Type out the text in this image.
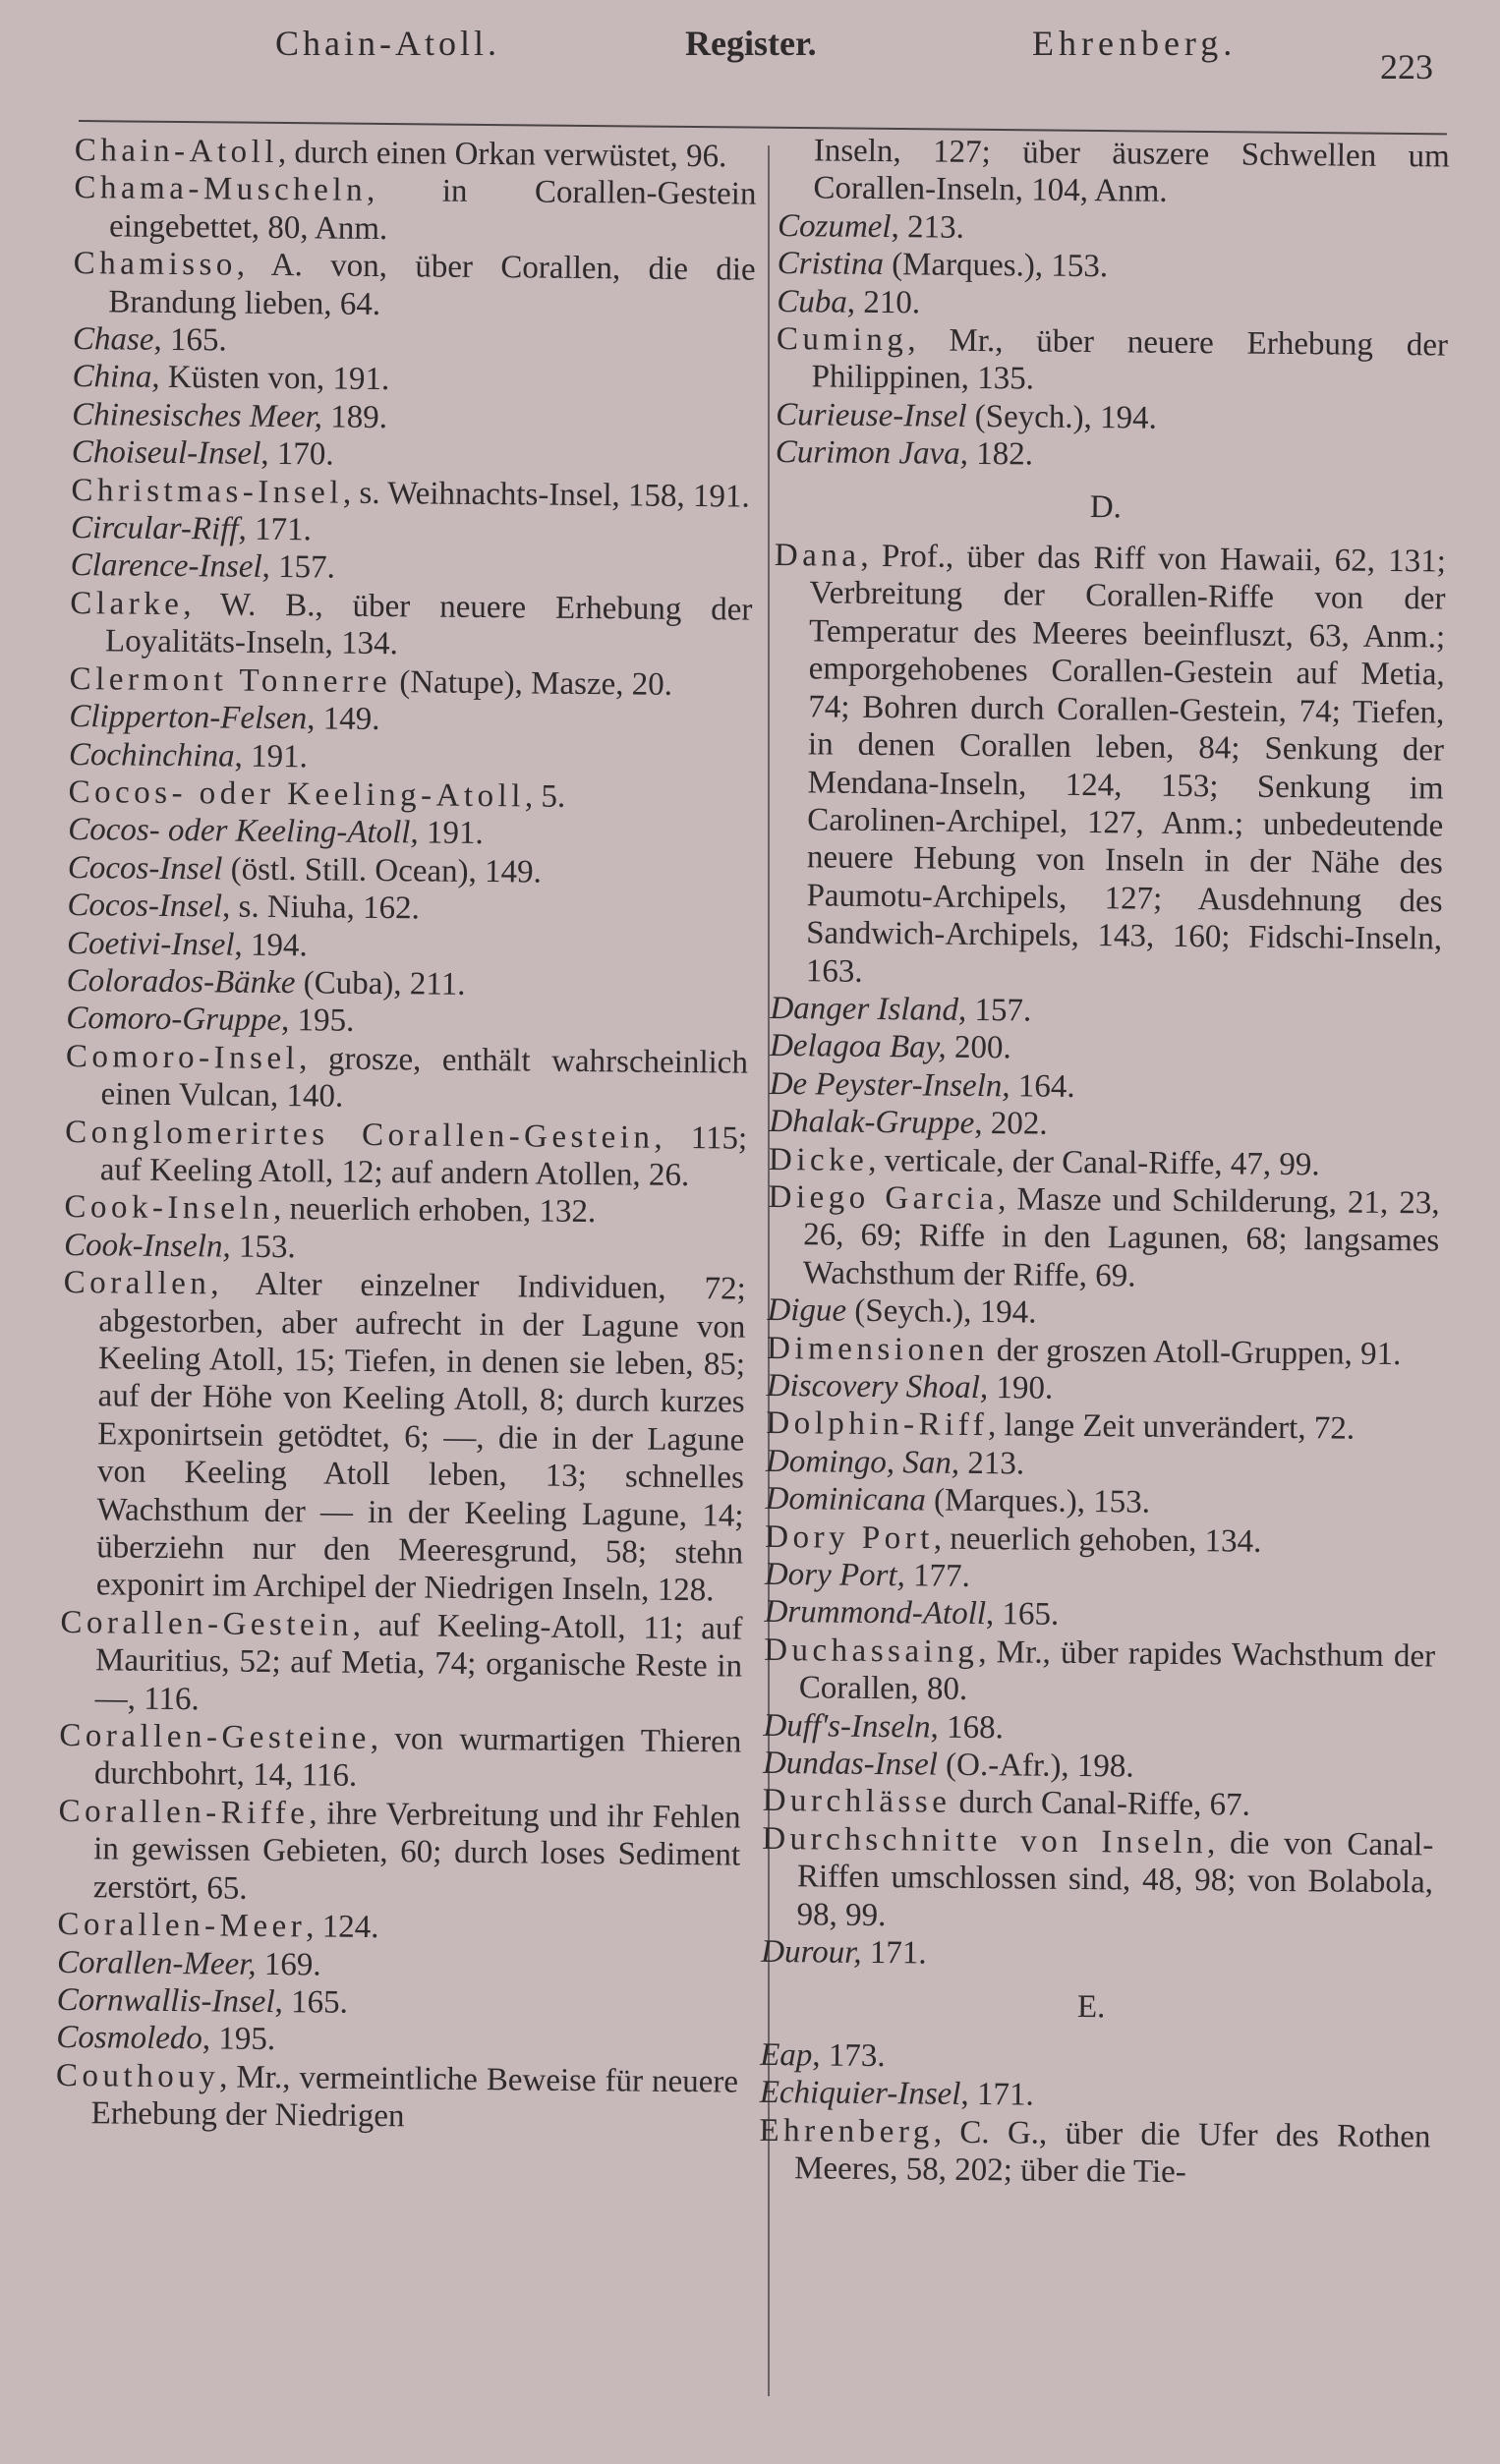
Chain-Atoll.	Register.	Ehrenberg.
223

Chain-Atoll, durch einen Orkan verwüstet, 96.

Chama-Muscheln, in Corallen-Gestein eingebettet, 80, Anm.

Chamisso, A. von, über Corallen, die die Brandung lieben, 64.

Chase, 165.

China, Küsten von, 191.

Chinesisches Meer, 189.

Choiseul-Insel, 170.

Christmas-Insel, s. Weihnachts-Insel, 158, 191.

Circular-Riff, 171.

Clarence-Insel, 157.

Clarke, W. B., über neuere Erhebung der Loyalitäts-Inseln, 134.

Clermont Tonnerre (Natupe), Masze, 20.

Clipperton-Felsen, 149.

Cochinchina, 191.

Cocos- oder Keeling-Atoll, 5.

Cocos- oder Keeling-Atoll, 191.

Cocos-Insel (östl. Still. Ocean), 149.

Cocos-Insel, s. Niuha, 162.

Coetivi-Insel, 194.

Colorados-Bänke (Cuba), 211.

Comoro-Gruppe, 195.

Comoro-Insel, grosze, enthält wahrscheinlich einen Vulcan, 140.

Conglomerirtes Corallen-Gestein, 115; auf Keeling Atoll, 12; auf andern Atollen, 26.

Cook-Inseln, neuerlich erhoben, 132.

Cook-Inseln, 153.

Corallen, Alter einzelner Individuen, 72; abgestorben, aber aufrecht in der Lagune von Keeling Atoll, 15; Tiefen, in denen sie leben, 85; auf der Höhe von Keeling Atoll, 8; durch kurzes Exponirtsein getödtet, 6; —, die in der Lagune von Keeling Atoll leben, 13; schnelles Wachsthum der — in der Keeling Lagune, 14; überziehn nur den Meeresgrund, 58; stehn exponirt im Archipel der Niedrigen Inseln, 128.

Corallen-Gestein, auf Keeling-Atoll, 11; auf Mauritius, 52; auf Metia, 74; organische Reste in —, 116.

Corallen-Gesteine, von wurmartigen Thieren durchbohrt, 14, 116.

Corallen-Riffe, ihre Verbreitung und ihr Fehlen in gewissen Gebieten, 60; durch loses Sediment zerstört, 65.

Corallen-Meer, 124.

Corallen-Meer, 169.

Cornwallis-Insel, 165.

Cosmoledo, 195.

Couthouy, Mr., vermeintliche Beweise für neuere Erhebung der Niedrigen

Inseln, 127; über äuszere Schwellen um Corallen-Inseln, 104, Anm.

Cozumel, 213.

Cristina (Marques.), 153.

Cuba, 210.

Cuming, Mr., über neuere Erhebung der Philippinen, 135.

Curieuse-Insel (Seych.), 194.

Curimon Java, 182.

D.

Dana, Prof., über das Riff von Hawaii, 62, 131; Verbreitung der Corallen-Riffe von der Temperatur des Meeres beeinfluszt, 63, Anm.; emporgehobenes Corallen-Gestein auf Metia, 74; Bohren durch Corallen-Gestein, 74; Tiefen, in denen Corallen leben, 84; Senkung der Mendana-Inseln, 124, 153; Senkung im Carolinen-Archipel, 127, Anm.; unbedeutende neuere Hebung von Inseln in der Nähe des Paumotu-Archipels, 127; Ausdehnung des Sandwich-Archipels, 143, 160; Fidschi-Inseln, 163.

Danger Island, 157.

Delagoa Bay, 200.

De Peyster-Inseln, 164.

Dhalak-Gruppe, 202.

Dicke, verticale, der Canal-Riffe, 47, 99.

Diego Garcia, Masze und Schilderung, 21, 23, 26, 69; Riffe in den Lagunen, 68; langsames Wachsthum der Riffe, 69.

Digue (Seych.), 194.

Dimensionen der groszen Atoll-Gruppen, 91.

Discovery Shoal, 190.

Dolphin-Riff, lange Zeit unverändert, 72.

Domingo, San, 213.

Dominicana (Marques.), 153.

Dory Port, neuerlich gehoben, 134.

Dory Port, 177.

Drummond-Atoll, 165.

Duchassaing, Mr., über rapides Wachsthum der Corallen, 80.

Duff's-Inseln, 168.

Dundas-Insel (O.-Afr.), 198.

Durchlässe durch Canal-Riffe, 67.

Durchschnitte von Inseln, die von Canal-Riffen umschlossen sind, 48, 98; von Bolabola, 98, 99.

Durour, 171.

E.

Eap, 173.

Echiquier-Insel, 171.

Ehrenberg, C. G., über die Ufer des Rothen Meeres, 58, 202; über die Tie-
